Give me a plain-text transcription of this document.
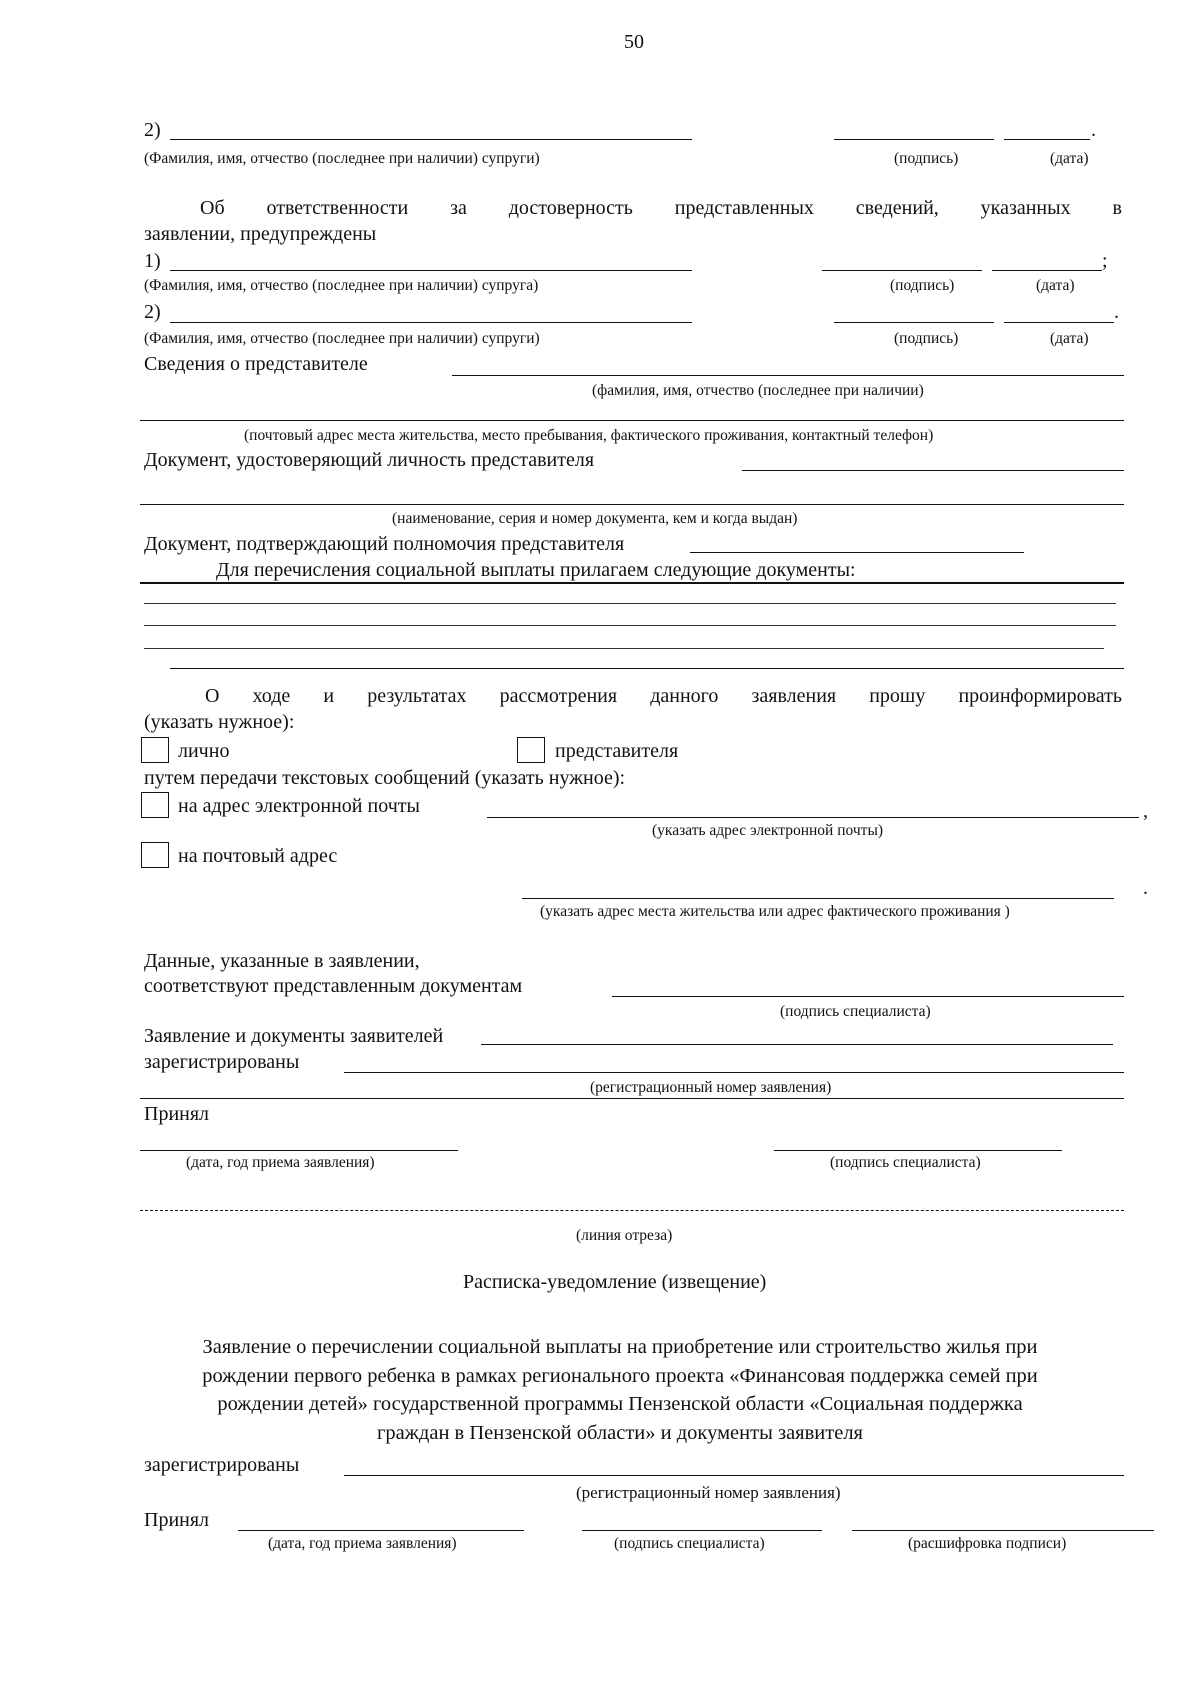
50
2)	.
(Фамилия, имя, отчество (последнее при наличии) супруги)	(подпись)	(дата)
Об ответственности за достоверность представленных сведений, указанных в
заявлении, предупреждены
1)	;
(Фамилия, имя, отчество (последнее при наличии) супруга)	(подпись)	(дата)
2)	.
(Фамилия, имя, отчество (последнее при наличии) супруги)	(подпись)	(дата)
Сведения о представителе
(фамилия, имя, отчество (последнее при наличии)
(почтовый адрес места жительства, место пребывания, фактического проживания, контактный телефон)
Документ, удостоверяющий личность представителя
(наименование, серия и номер документа, кем и когда выдан)
Документ, подтверждающий полномочия представителя
Для перечисления социальной выплаты прилагаем следующие документы:
О ходе и результатах рассмотрения данного заявления прошу проинформировать
(указать нужное):
лично	представителя
путем передачи текстовых сообщений (указать нужное):
на адрес электронной почты	,
(указать адрес электронной почты)
на почтовый адрес
.
(указать адрес места жительства или адрес фактического проживания )
Данные, указанные в заявлении,
соответствуют представленным документам
(подпись специалиста)
Заявление и документы заявителей
зарегистрированы
(регистрационный номер заявления)
Принял
(дата, год приема заявления)	(подпись специалиста)
(линия отреза)
Расписка-уведомление (извещение)
Заявление о перечислении социальной выплаты на приобретение или строительство жилья при
рождении первого ребенка в рамках регионального проекта «Финансовая поддержка семей при
рождении детей» государственной программы Пензенской области «Социальная поддержка
граждан в Пензенской области» и документы заявителя
зарегистрированы
(регистрационный номер заявления)
Принял
(дата, год приема заявления)	(подпись специалиста)	(расшифровка подписи)
